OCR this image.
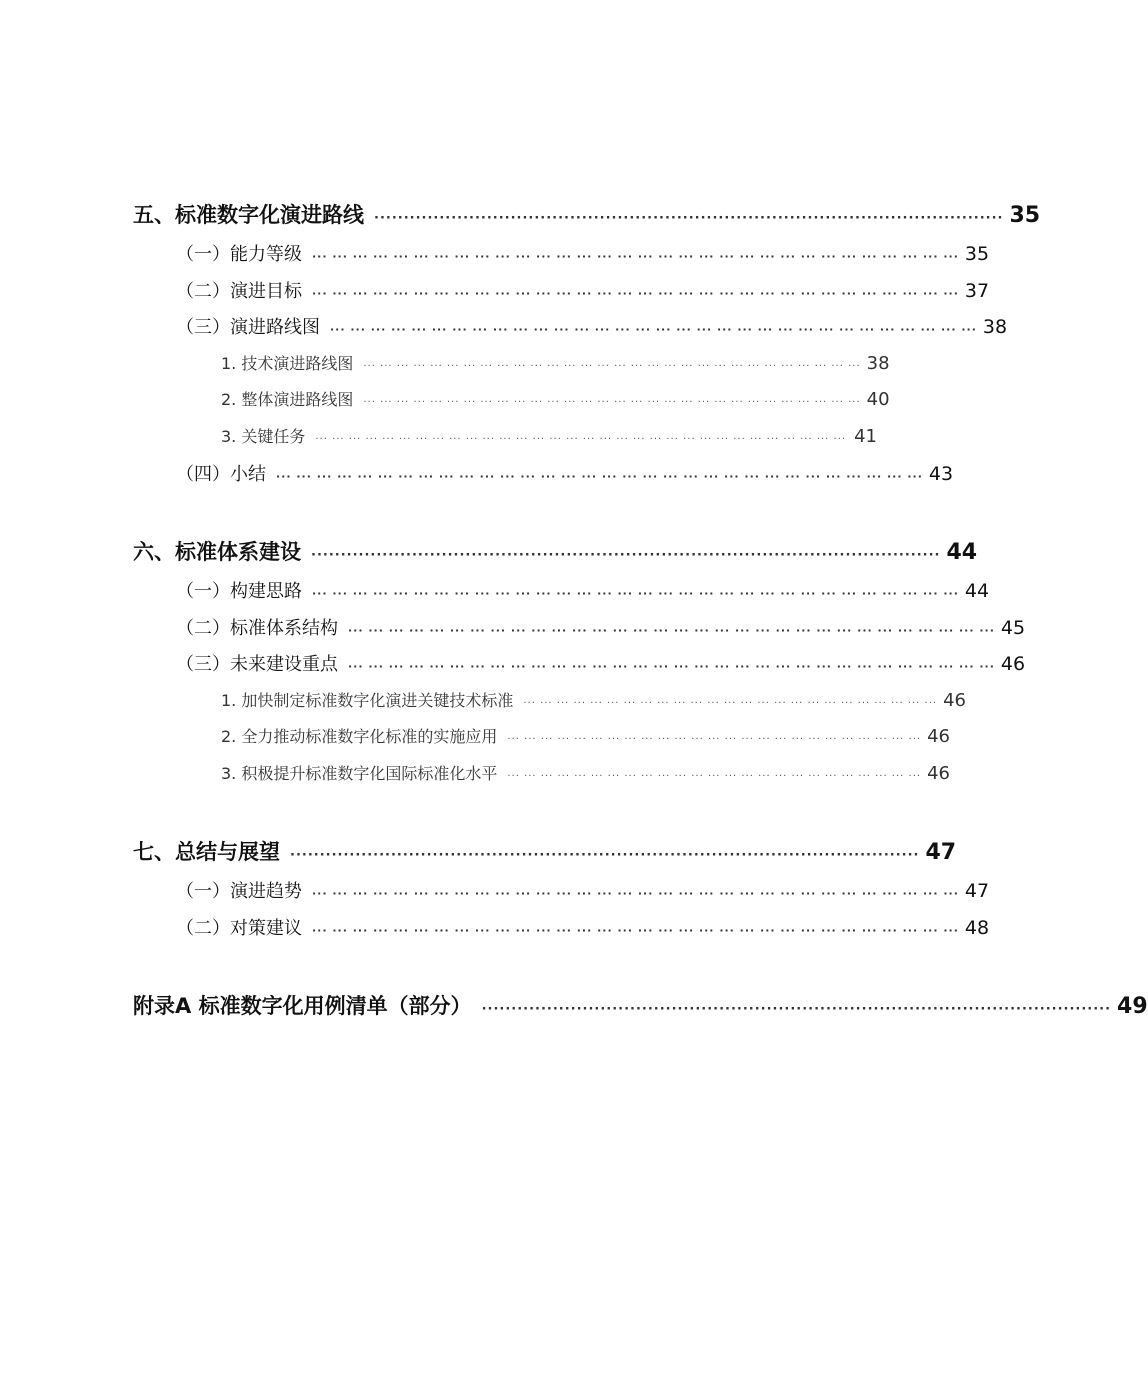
五、标准数字化演进路线 ·········································································································· 35
（一）能力等级 ··· ··· ··· ··· ··· ··· ··· ··· ··· ··· ··· ··· ··· ··· ··· ··· ··· ··· ··· ··· ··· ··· ··· ··· ··· ··· ··· ··· ··· ··· ··· ··· 35
（二）演进目标 ··· ··· ··· ··· ··· ··· ··· ··· ··· ··· ··· ··· ··· ··· ··· ··· ··· ··· ··· ··· ··· ··· ··· ··· ··· ··· ··· ··· ··· ··· ··· ··· 37
（三）演进路线图 ··· ··· ··· ··· ··· ··· ··· ··· ··· ··· ··· ··· ··· ··· ··· ··· ··· ··· ··· ··· ··· ··· ··· ··· ··· ··· ··· ··· ··· ··· ··· ··· 38
1. 技术演进路线图 ··· ··· ··· ··· ··· ··· ··· ··· ··· ··· ··· ··· ··· ··· ··· ··· ··· ··· ··· ··· ··· ··· ··· ··· ··· ··· ··· ··· ··· ··· 38
2. 整体演进路线图 ··· ··· ··· ··· ··· ··· ··· ··· ··· ··· ··· ··· ··· ··· ··· ··· ··· ··· ··· ··· ··· ··· ··· ··· ··· ··· ··· ··· ··· ··· 40
3. 关键任务 ··· ··· ··· ··· ··· ··· ··· ··· ··· ··· ··· ··· ··· ··· ··· ··· ··· ··· ··· ··· ··· ··· ··· ··· ··· ··· ··· ··· ··· ··· ··· ··· 41
（四）小结 ··· ··· ··· ··· ··· ··· ··· ··· ··· ··· ··· ··· ··· ··· ··· ··· ··· ··· ··· ··· ··· ··· ··· ··· ··· ··· ··· ··· ··· ··· ··· ··· 43
六、标准体系建设 ·········································································································· 44
（一）构建思路 ··· ··· ··· ··· ··· ··· ··· ··· ··· ··· ··· ··· ··· ··· ··· ··· ··· ··· ··· ··· ··· ··· ··· ··· ··· ··· ··· ··· ··· ··· ··· ··· 44
（二）标准体系结构 ··· ··· ··· ··· ··· ··· ··· ··· ··· ··· ··· ··· ··· ··· ··· ··· ··· ··· ··· ··· ··· ··· ··· ··· ··· ··· ··· ··· ··· ··· ··· ··· 45
（三）未来建设重点 ··· ··· ··· ··· ··· ··· ··· ··· ··· ··· ··· ··· ··· ··· ··· ··· ··· ··· ··· ··· ··· ··· ··· ··· ··· ··· ··· ··· ··· ··· ··· ··· 46
1. 加快制定标准数字化演进关键技术标准 ··· ··· ··· ··· ··· ··· ··· ··· ··· ··· ··· ··· ··· ··· ··· ··· ··· ··· ··· ··· ··· ··· ··· ··· ··· 46
2. 全力推动标准数字化标准的实施应用 ··· ··· ··· ··· ··· ··· ··· ··· ··· ··· ··· ··· ··· ··· ··· ··· ··· ··· ··· ··· ··· ··· ··· ··· ··· 46
3. 积极提升标准数字化国际标准化水平 ··· ··· ··· ··· ··· ··· ··· ··· ··· ··· ··· ··· ··· ··· ··· ··· ··· ··· ··· ··· ··· ··· ··· ··· ··· 46
七、总结与展望 ·········································································································· 47
（一）演进趋势 ··· ··· ··· ··· ··· ··· ··· ··· ··· ··· ··· ··· ··· ··· ··· ··· ··· ··· ··· ··· ··· ··· ··· ··· ··· ··· ··· ··· ··· ··· ··· ··· 47
（二）对策建议 ··· ··· ··· ··· ··· ··· ··· ··· ··· ··· ··· ··· ··· ··· ··· ··· ··· ··· ··· ··· ··· ··· ··· ··· ··· ··· ··· ··· ··· ··· ··· ··· 48
附录A 标准数字化用例清单（部分） ·········································································································· 49
